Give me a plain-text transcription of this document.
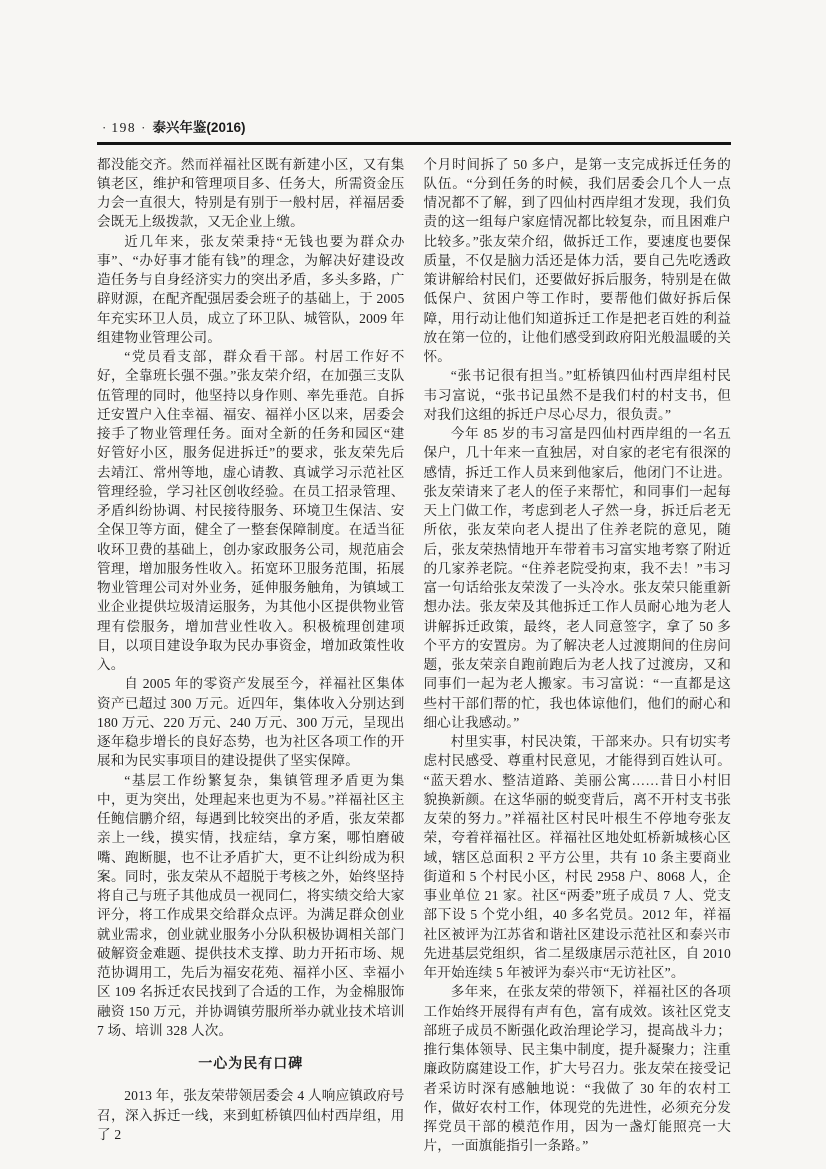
· 198 · 泰兴年鉴(2016)

都没能交齐。然而祥福社区既有新建小区，又有集镇老区，维护和管理项目多、任务大，所需资金压力会一直很大，特别是有别于一般村居，祥福居委会既无上级拨款，又无企业上缴。

近几年来，张友荣秉持“无钱也要为群众办事”、“办好事才能有钱”的理念，为解决好建设改造任务与自身经济实力的突出矛盾，多头多路，广辟财源，在配齐配强居委会班子的基础上，于 2005 年充实环卫人员，成立了环卫队、城管队，2009 年组建物业管理公司。

“党员看支部，群众看干部。村居工作好不好，全靠班长强不强。”张友荣介绍，在加强三支队伍管理的同时，他坚持以身作则、率先垂范。自拆迁安置户入住幸福、福安、福祥小区以来，居委会接手了物业管理任务。面对全新的任务和园区“建好管好小区，服务促进拆迁”的要求，张友荣先后去靖江、常州等地，虚心请教、真诚学习示范社区管理经验，学习社区创收经验。在员工招录管理、矛盾纠纷协调、村民接待服务、环境卫生保洁、安全保卫等方面，健全了一整套保障制度。在适当征收环卫费的基础上，创办家政服务公司，规范庙会管理，增加服务性收入。拓宽环卫服务范围，拓展物业管理公司对外业务，延伸服务触角，为镇域工业企业提供垃圾清运服务，为其他小区提供物业管理有偿服务，增加营业性收入。积极梳理创建项目，以项目建设争取为民办事资金，增加政策性收入。

自 2005 年的零资产发展至今，祥福社区集体资产已超过 300 万元。近四年，集体收入分别达到 180 万元、220 万元、240 万元、300 万元，呈现出逐年稳步增长的良好态势，也为社区各项工作的开展和为民实事项目的建设提供了坚实保障。

“基层工作纷繁复杂，集镇管理矛盾更为集中，更为突出，处理起来也更为不易。”祥福社区主任鲍信鹏介绍，每遇到比较突出的矛盾，张友荣都亲上一线，摸实情，找症结，拿方案，哪怕磨破嘴、跑断腿，也不让矛盾扩大，更不让纠纷成为积案。同时，张友荣从不超脱于考核之外，始终坚持将自己与班子其他成员一视同仁，将实绩交给大家评分，将工作成果交给群众点评。为满足群众创业就业需求，创业就业服务小分队积极协调相关部门破解资金难题、提供技术支撑、助力开拓市场、规范协调用工，先后为福安花苑、福祥小区、幸福小区 109 名拆迁农民找到了合适的工作，为金棉服饰融资 150 万元，并协调镇劳服所举办就业技术培训 7 场、培训 328 人次。

一心为民有口碑

2013 年，张友荣带领居委会 4 人响应镇政府号召，深入拆迁一线，来到虹桥镇四仙村西岸组，用了 2

个月时间拆了 50 多户，是第一支完成拆迁任务的队伍。“分到任务的时候，我们居委会几个人一点情况都不了解，到了四仙村西岸组才发现，我们负责的这一组每户家庭情况都比较复杂，而且困难户比较多。”张友荣介绍，做拆迁工作，要速度也要保质量，不仅是脑力活还是体力活，要自己先吃透政策讲解给村民们，还要做好拆后服务，特别是在做低保户、贫困户等工作时，要帮他们做好拆后保障，用行动让他们知道拆迁工作是把老百姓的利益放在第一位的，让他们感受到政府阳光般温暖的关怀。

“张书记很有担当。”虹桥镇四仙村西岸组村民韦习富说，“张书记虽然不是我们村的村支书，但对我们这组的拆迁户尽心尽力，很负责。”

今年 85 岁的韦习富是四仙村西岸组的一名五保户，几十年来一直独居，对自家的老宅有很深的感情，拆迁工作人员来到他家后，他闭门不让进。张友荣请来了老人的侄子来帮忙，和同事们一起每天上门做工作，考虑到老人孑然一身，拆迁后老无所依，张友荣向老人提出了住养老院的意见，随后，张友荣热情地开车带着韦习富实地考察了附近的几家养老院。“住养老院受拘束，我不去！”韦习富一句话给张友荣泼了一头冷水。张友荣只能重新想办法。张友荣及其他拆迁工作人员耐心地为老人讲解拆迁政策，最终，老人同意签字，拿了 50 多个平方的安置房。为了解决老人过渡期间的住房问题，张友荣亲自跑前跑后为老人找了过渡房，又和同事们一起为老人搬家。韦习富说：“一直都是这些村干部们帮的忙，我也体谅他们，他们的耐心和细心让我感动。”

村里实事，村民决策，干部来办。只有切实考虑村民感受、尊重村民意见，才能得到百姓认可。“蓝天碧水、整洁道路、美丽公寓……昔日小村旧貌换新颜。在这华丽的蜕变背后，离不开村支书张友荣的努力。”祥福社区村民叶根生不停地夸张友荣，夸着祥福社区。祥福社区地处虹桥新城核心区域，辖区总面积 2 平方公里，共有 10 条主要商业街道和 5 个村民小区，村民 2958 户、8068 人，企事业单位 21 家。社区“两委”班子成员 7 人、党支部下设 5 个党小组，40 多名党员。2012 年，祥福社区被评为江苏省和谐社区建设示范社区和泰兴市先进基层党组织，省二星级康居示范社区，自 2010 年开始连续 5 年被评为泰兴市“无访社区”。

多年来，在张友荣的带领下，祥福社区的各项工作始终开展得有声有色，富有成效。该社区党支部班子成员不断强化政治理论学习，提高战斗力；推行集体领导、民主集中制度，提升凝聚力；注重廉政防腐建设工作，扩大号召力。张友荣在接受记者采访时深有感触地说：“我做了 30 年的农村工作，做好农村工作，体现党的先进性，必须充分发挥党员干部的模范作用，因为一盏灯能照亮一大片，一面旗能指引一条路。”
